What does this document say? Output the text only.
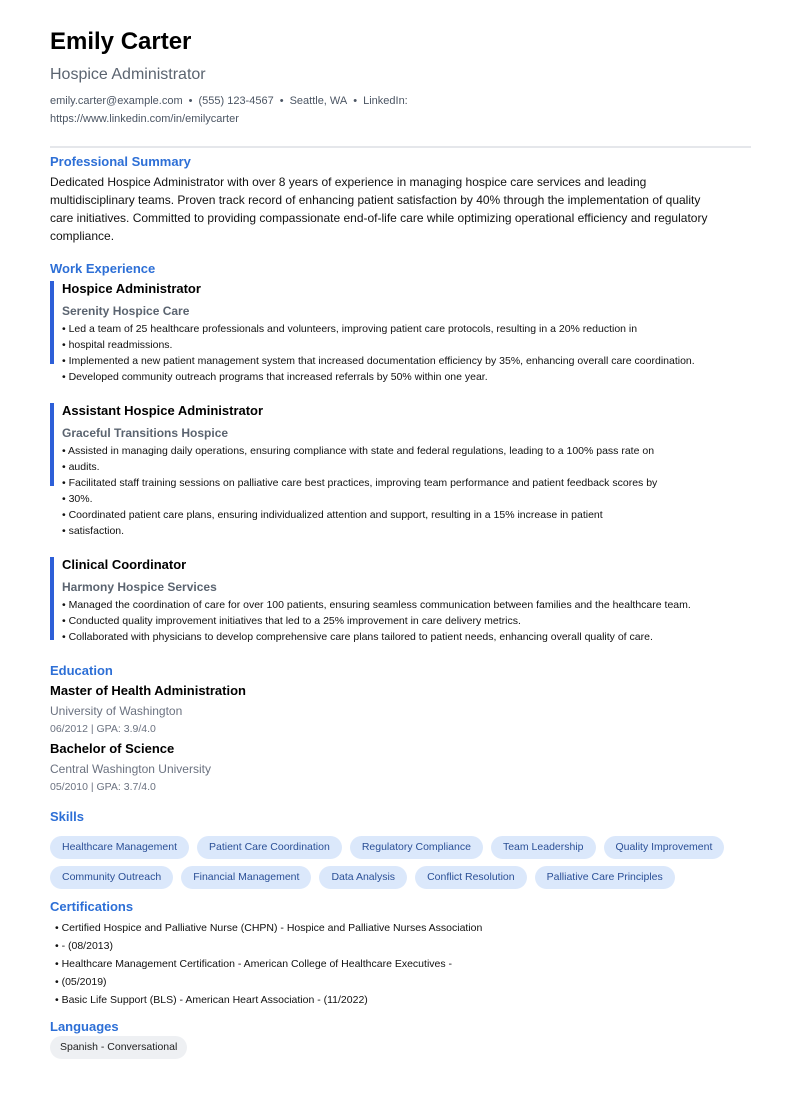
Emily Carter
Hospice Administrator
emily.carter@example.com • (555) 123-4567 • Seattle, WA • LinkedIn:
https://www.linkedin.com/in/emilycarter
Professional Summary
Dedicated Hospice Administrator with over 8 years of experience in managing hospice care services and leading multidisciplinary teams. Proven track record of enhancing patient satisfaction by 40% through the implementation of quality care initiatives. Committed to providing compassionate end-of-life care while optimizing operational efficiency and regulatory compliance.
Work Experience
Hospice Administrator
Serenity Hospice Care
• Led a team of 25 healthcare professionals and volunteers, improving patient care protocols, resulting in a 20% reduction in
• hospital readmissions.
• Implemented a new patient management system that increased documentation efficiency by 35%, enhancing overall care coordination.
• Developed community outreach programs that increased referrals by 50% within one year.
Assistant Hospice Administrator
Graceful Transitions Hospice
• Assisted in managing daily operations, ensuring compliance with state and federal regulations, leading to a 100% pass rate on
• audits.
• Facilitated staff training sessions on palliative care best practices, improving team performance and patient feedback scores by
• 30%.
• Coordinated patient care plans, ensuring individualized attention and support, resulting in a 15% increase in patient
• satisfaction.
Clinical Coordinator
Harmony Hospice Services
• Managed the coordination of care for over 100 patients, ensuring seamless communication between families and the healthcare team.
• Conducted quality improvement initiatives that led to a 25% improvement in care delivery metrics.
• Collaborated with physicians to develop comprehensive care plans tailored to patient needs, enhancing overall quality of care.
Education
Master of Health Administration
University of Washington
06/2012 | GPA: 3.9/4.0
Bachelor of Science
Central Washington University
05/2010 | GPA: 3.7/4.0
Skills
Healthcare Management	Patient Care Coordination	Regulatory Compliance	Team Leadership	Quality Improvement
Community Outreach	Financial Management	Data Analysis	Conflict Resolution	Palliative Care Principles
Certifications
• Certified Hospice and Palliative Nurse (CHPN) - Hospice and Palliative Nurses Association
• - (08/2013)
• Healthcare Management Certification - American College of Healthcare Executives -
• (05/2019)
• Basic Life Support (BLS) - American Heart Association - (11/2022)
Languages
Spanish - Conversational
